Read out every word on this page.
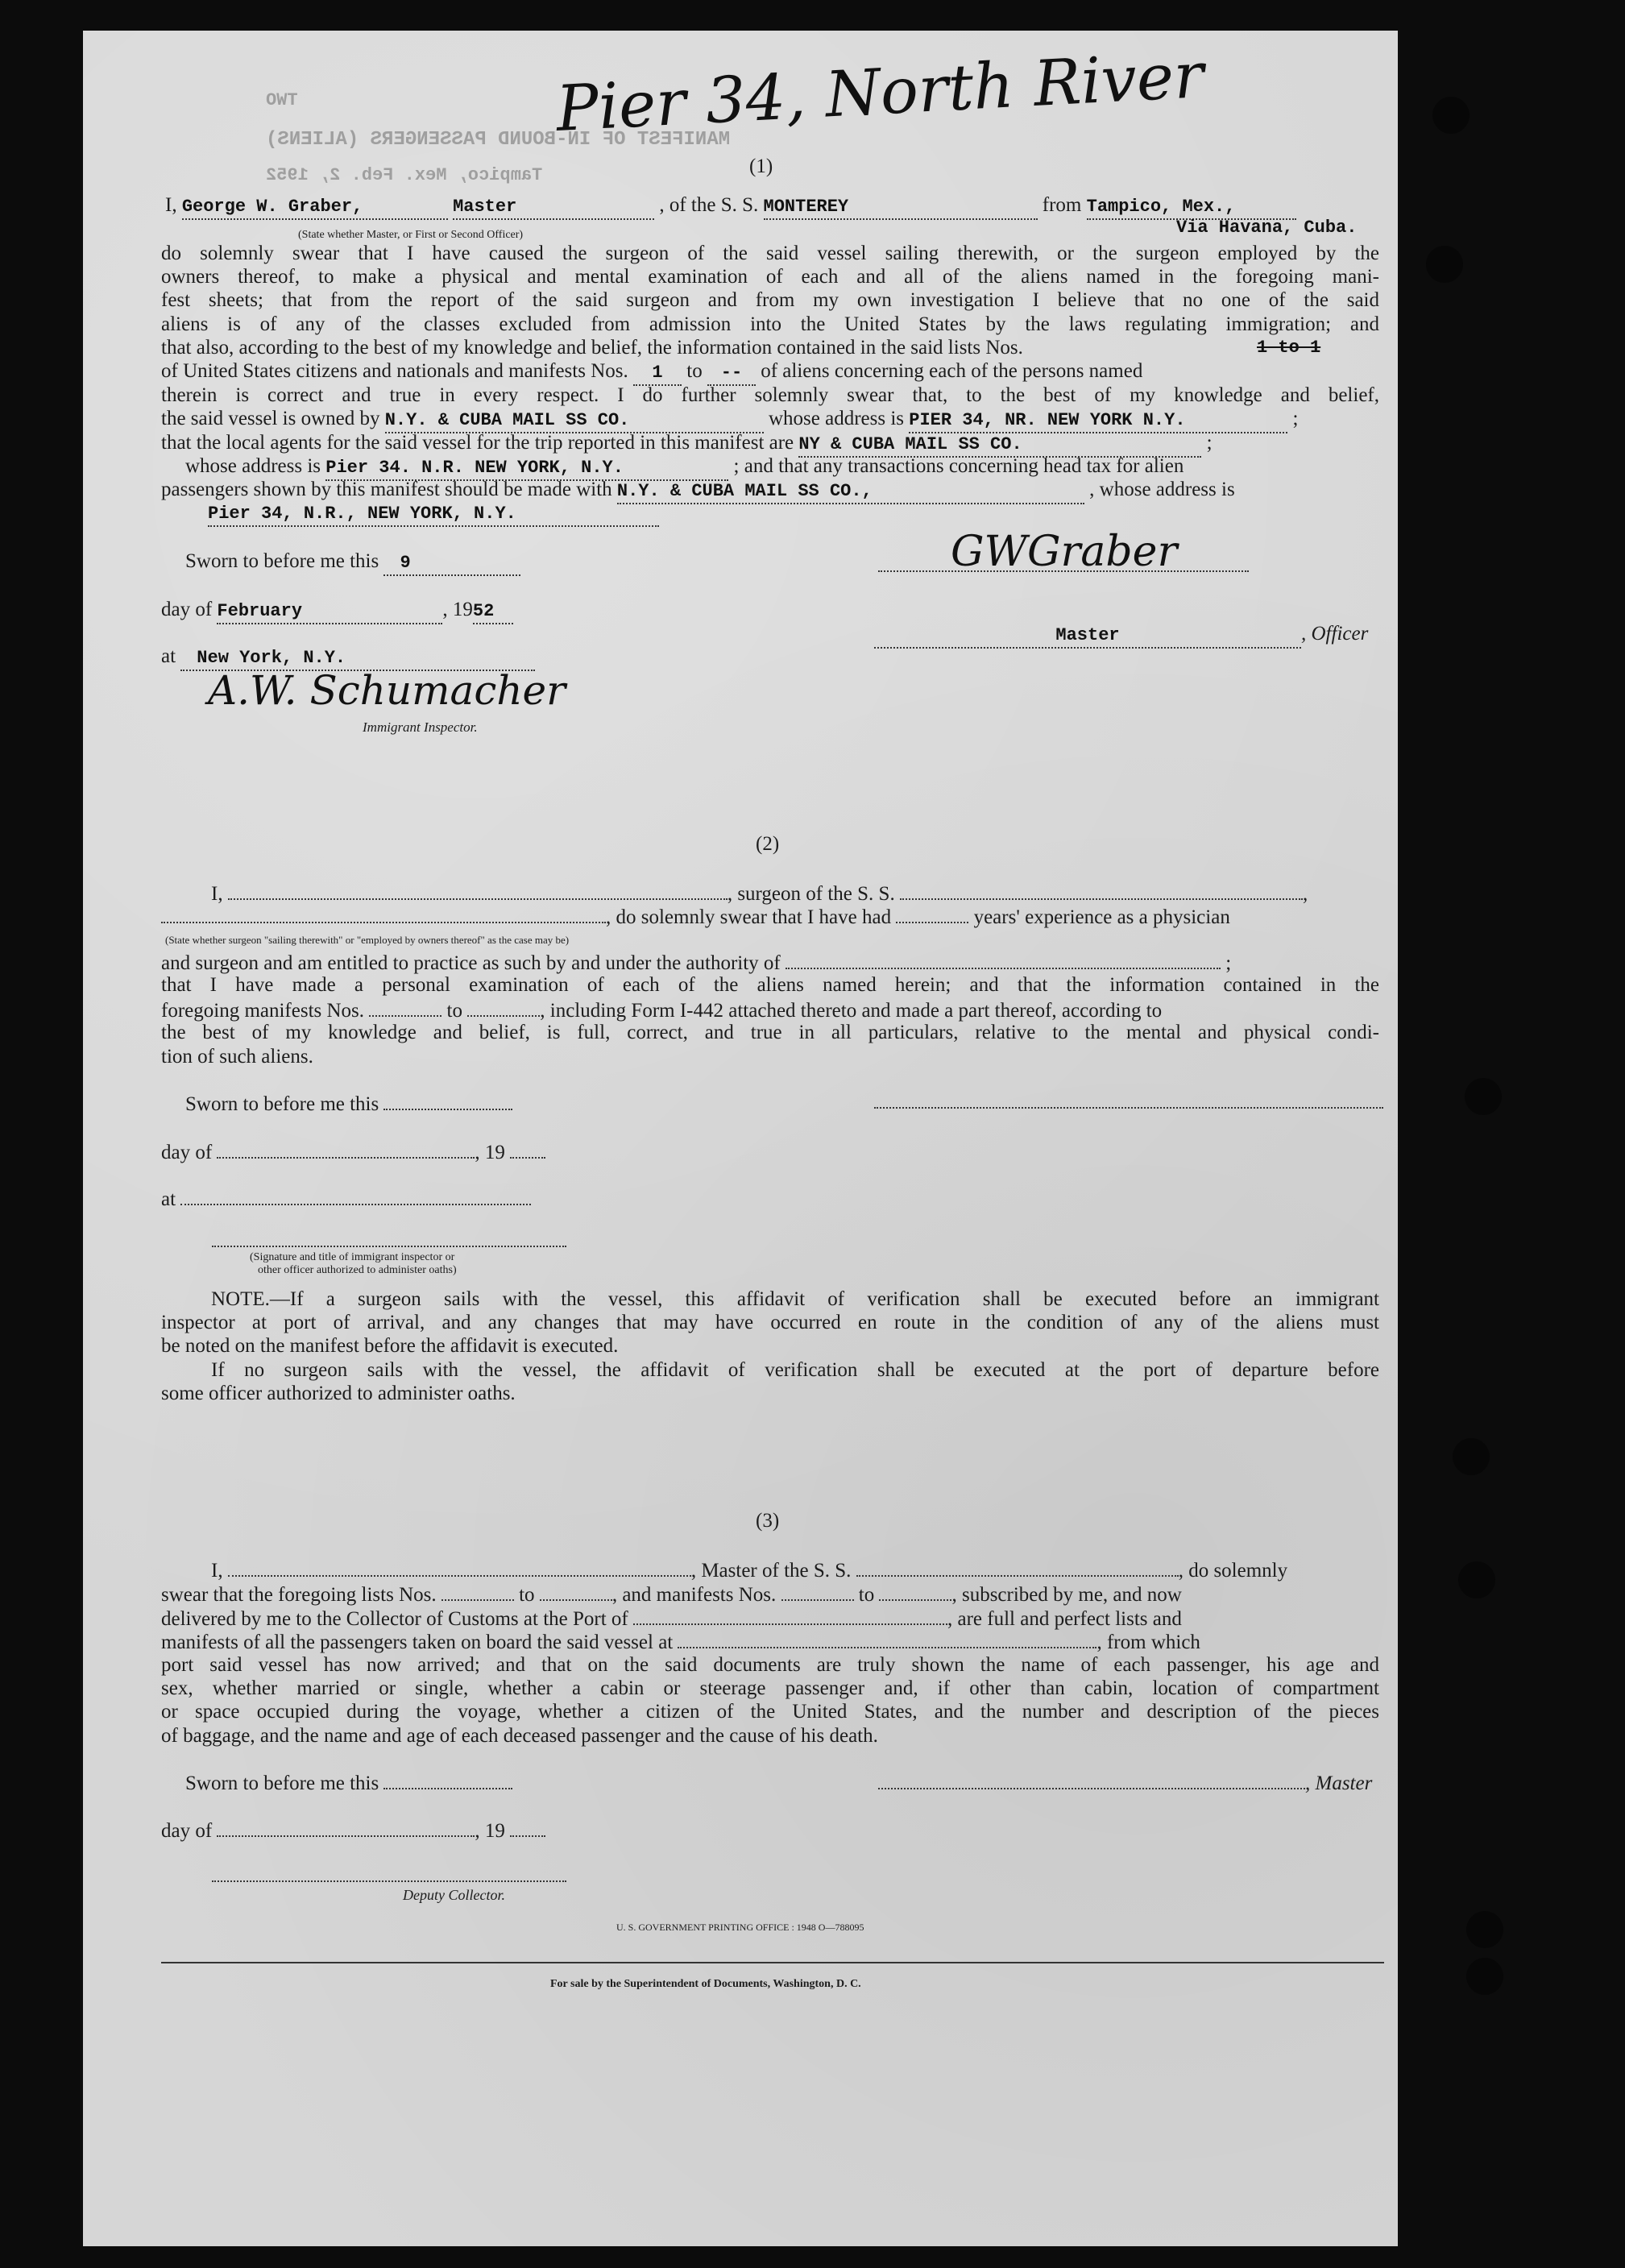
Pier 34, North River
TWO
MANIFEST OF IN-BOUND PASSENGERS (ALIENS)
Tampico, Mex. Feb. 2, 1952	(1)
I, George W. Graber,	Master	, of the S. S. MONTEREY	from Tampico, Mex.,
(State whether Master, or First or Second Officer)	Via Havana, Cuba.
do solemnly swear that I have caused the surgeon of the said vessel sailing therewith, or the surgeon employed by the
owners thereof, to make a physical and mental examination of each and all of the aliens named in the foregoing mani-
fest sheets; that from the report of the said surgeon and from my own investigation I believe that no one of the said
aliens is of any of the classes excluded from admission into the United States by the laws regulating immigration; and
that also, according to the best of my knowledge and belief, the information contained in the said lists Nos.	1 to 1
of United States citizens and nationals and manifests Nos. 1 to -- of aliens concerning each of the persons named
therein is correct and true in every respect. I do further solemnly swear that, to the best of my knowledge and belief,
the said vessel is owned by N.Y. & CUBA MAIL SS CO.	whose address is PIER 34, NR. NEW YORK N.Y.	;
that the local agents for the said vessel for the trip reported in this manifest are NY & CUBA MAIL SS CO.	;
whose address is Pier 34. N.R. NEW YORK, N.Y.	; and that any transactions concerning head tax for alien
passengers shown by this manifest should be made with N.Y. & CUBA MAIL SS CO.,	, whose address is
Pier 34, N.R., NEW YORK, N.Y.
Sworn to before me this 9	GWGraber
day of February	, 1952
Master	, Officer
at New York, N.Y.
A.W. Schumacher
Immigrant Inspector.
(2)
I,	, surgeon of the S. S.	,
, do solemnly swear that I have had	years' experience as a physician
(State whether surgeon "sailing therewith" or "employed by owners thereof" as the case may be)
and surgeon and am entitled to practice as such by and under the authority of	;
that I have made a personal examination of each of the aliens named herein; and that the information contained in the
foregoing manifests Nos.	to	, including Form I-442 attached thereto and made a part thereof, according to
the best of my knowledge and belief, is full, correct, and true in all particulars, relative to the mental and physical condi-
tion of such aliens.
Sworn to before me this
day of	, 19
at
(Signature and title of immigrant inspector or
other officer authorized to administer oaths)
NOTE.—If a surgeon sails with the vessel, this affidavit of verification shall be executed before an immigrant
inspector at port of arrival, and any changes that may have occurred en route in the condition of any of the aliens must
be noted on the manifest before the affidavit is executed.
If no surgeon sails with the vessel, the affidavit of verification shall be executed at the port of departure before
some officer authorized to administer oaths.
(3)
I,	, Master of the S. S.	, do solemnly
swear that the foregoing lists Nos.	to	, and manifests Nos.	to	, subscribed by me, and now
delivered by me to the Collector of Customs at the Port of	, are full and perfect lists and
manifests of all the passengers taken on board the said vessel at	, from which
port said vessel has now arrived; and that on the said documents are truly shown the name of each passenger, his age and
sex, whether married or single, whether a cabin or steerage passenger and, if other than cabin, location of compartment
or space occupied during the voyage, whether a citizen of the United States, and the number and description of the pieces
of baggage, and the name and age of each deceased passenger and the cause of his death.
Sworn to before me this	, Master
day of	, 19
Deputy Collector.
U. S. GOVERNMENT PRINTING OFFICE : 1948 O—788095
For sale by the Superintendent of Documents, Washington, D. C.
